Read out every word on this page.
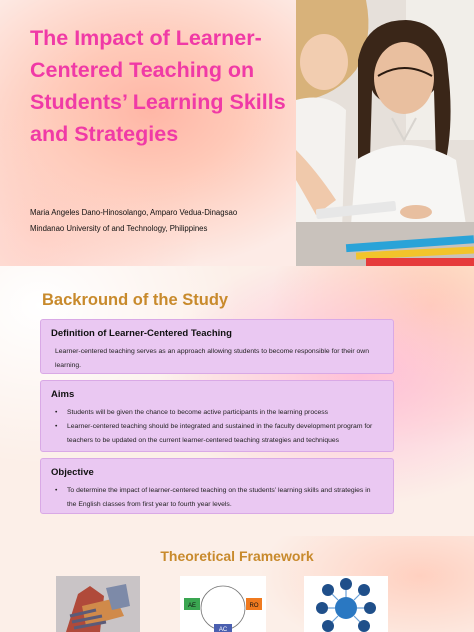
The Impact of Learner-Centered Teaching on Students’ Learning Skills and Strategies
Maria Angeles Dano-Hinosolango, Amparo Vedua-Dinagsao
Mindanao University of and Technology, Philippines
Backround of the Study
Definition of Learner-Centered Teaching

Learner-centered teaching serves as an approach allowing students to become responsible for their own learning.

Aims
• Students will be given the chance to become active participants in the learning process
• Learner-centered teaching should be integrated and sustained in the faculty development program for teachers to be updated on the current learner-centered teaching strategies and techniques
Objective
• To determine the impact of learner-centered teaching on the students’ learning skills and strategies in the English classes from first year to fourth year levels.
Theoretical Framework
AE	RO
AC
